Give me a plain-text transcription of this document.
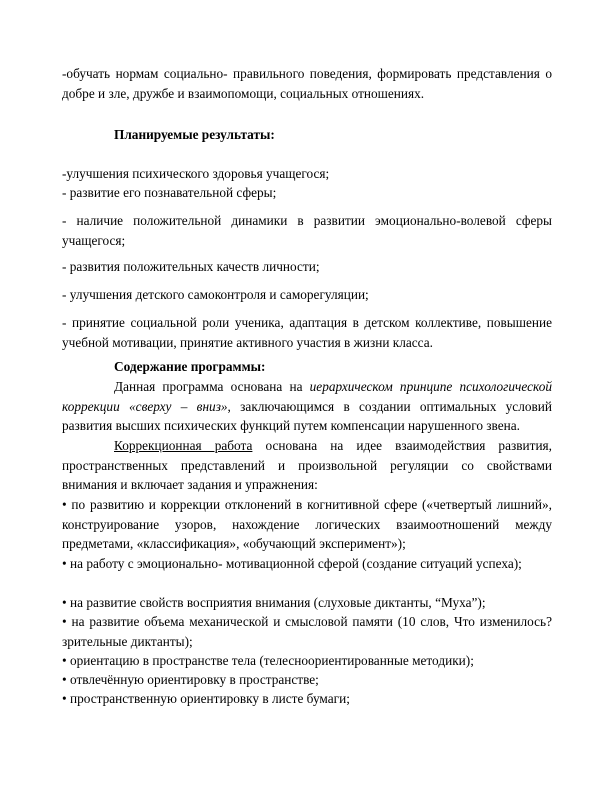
-обучать нормам социально- правильного поведения, формировать представления о добре и зле, дружбе и взаимопомощи, социальных отношениях.

Планируемые результаты:

-улучшения психического здоровья учащегося;

- развитие его познавательной сферы;

- наличие положительной динамики в развитии эмоционально-волевой сферы учащегося;

- развития положительных качеств личности;

- улучшения детского самоконтроля и саморегуляции;

- принятие социальной роли ученика, адаптация в детском коллективе, повышение учебной мотивации, принятие активного участия в жизни класса.

Содержание программы:

Данная программа основана на иерархическом принципе психологической коррекции «сверху – вниз», заключающимся в создании оптимальных условий развития высших психических функций путем компенсации нарушенного звена.

Коррекционная работа основана на идее взаимодействия развития, пространственных представлений и произвольной регуляции со свойствами внимания и включает задания и упражнения:

• по развитию и коррекции отклонений в когнитивной сфере («четвертый лишний», конструирование узоров, нахождение логических взаимоотношений между предметами, «классификация», «обучающий эксперимент»);

• на работу с эмоционально- мотивационной сферой (создание ситуаций успеха);

• на развитие свойств восприятия внимания (слуховые диктанты, “Муха”);

• на развитие объема механической и смысловой памяти (10 слов, Что изменилось? зрительные диктанты);

• ориентацию в пространстве тела (телесноориентированные методики);

• отвлечённую ориентировку в пространстве;

• пространственную ориентировку в листе бумаги;
